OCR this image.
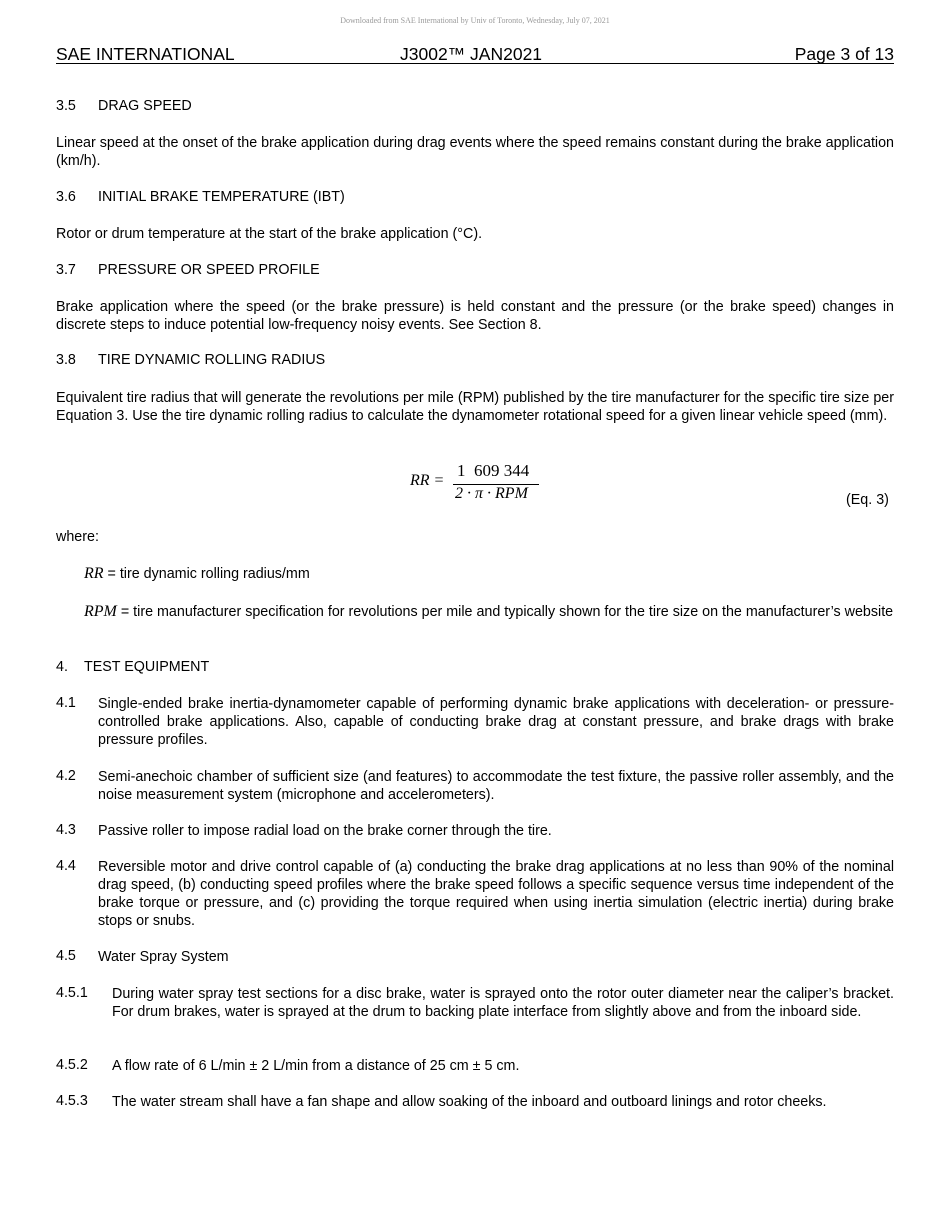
Downloaded from SAE International by Univ of Toronto, Wednesday, July 07, 2021
SAE INTERNATIONAL	J3002™ JAN2021	Page 3 of 13
3.5 DRAG SPEED
Linear speed at the onset of the brake application during drag events where the speed remains constant during the brake application (km/h).
3.6 INITIAL BRAKE TEMPERATURE (IBT)
Rotor or drum temperature at the start of the brake application (°C).
3.7 PRESSURE OR SPEED PROFILE
Brake application where the speed (or the brake pressure) is held constant and the pressure (or the brake speed) changes in discrete steps to induce potential low-frequency noisy events. See Section 8.
3.8 TIRE DYNAMIC ROLLING RADIUS
Equivalent tire radius that will generate the revolutions per mile (RPM) published by the tire manufacturer for the specific tire size per Equation 3. Use the tire dynamic rolling radius to calculate the dynamometer rotational speed for a given linear vehicle speed (mm).
RR =
1  609 344
2 · π · RPM	(Eq. 3)
where:
RR = tire dynamic rolling radius/mm
RPM = tire manufacturer specification for revolutions per mile and typically shown for the tire size on the manufacturer’s website
4. TEST EQUIPMENT
4.1 Single-ended brake inertia-dynamometer capable of performing dynamic brake applications with deceleration- or pressure-controlled brake applications. Also, capable of conducting brake drag at constant pressure, and brake drags with brake pressure profiles.
4.2 Semi-anechoic chamber of sufficient size (and features) to accommodate the test fixture, the passive roller assembly, and the noise measurement system (microphone and accelerometers).
4.3 Passive roller to impose radial load on the brake corner through the tire.
4.4 Reversible motor and drive control capable of (a) conducting the brake drag applications at no less than 90% of the nominal drag speed, (b) conducting speed profiles where the brake speed follows a specific sequence versus time independent of the brake torque or pressure, and (c) providing the torque required when using inertia simulation (electric inertia) during brake stops or snubs.
4.5 Water Spray System
4.5.1 During water spray test sections for a disc brake, water is sprayed onto the rotor outer diameter near the caliper’s bracket. For drum brakes, water is sprayed at the drum to backing plate interface from slightly above and from the inboard side.
4.5.2 A flow rate of 6 L/min ± 2 L/min from a distance of 25 cm ± 5 cm.
4.5.3 The water stream shall have a fan shape and allow soaking of the inboard and outboard linings and rotor cheeks.
